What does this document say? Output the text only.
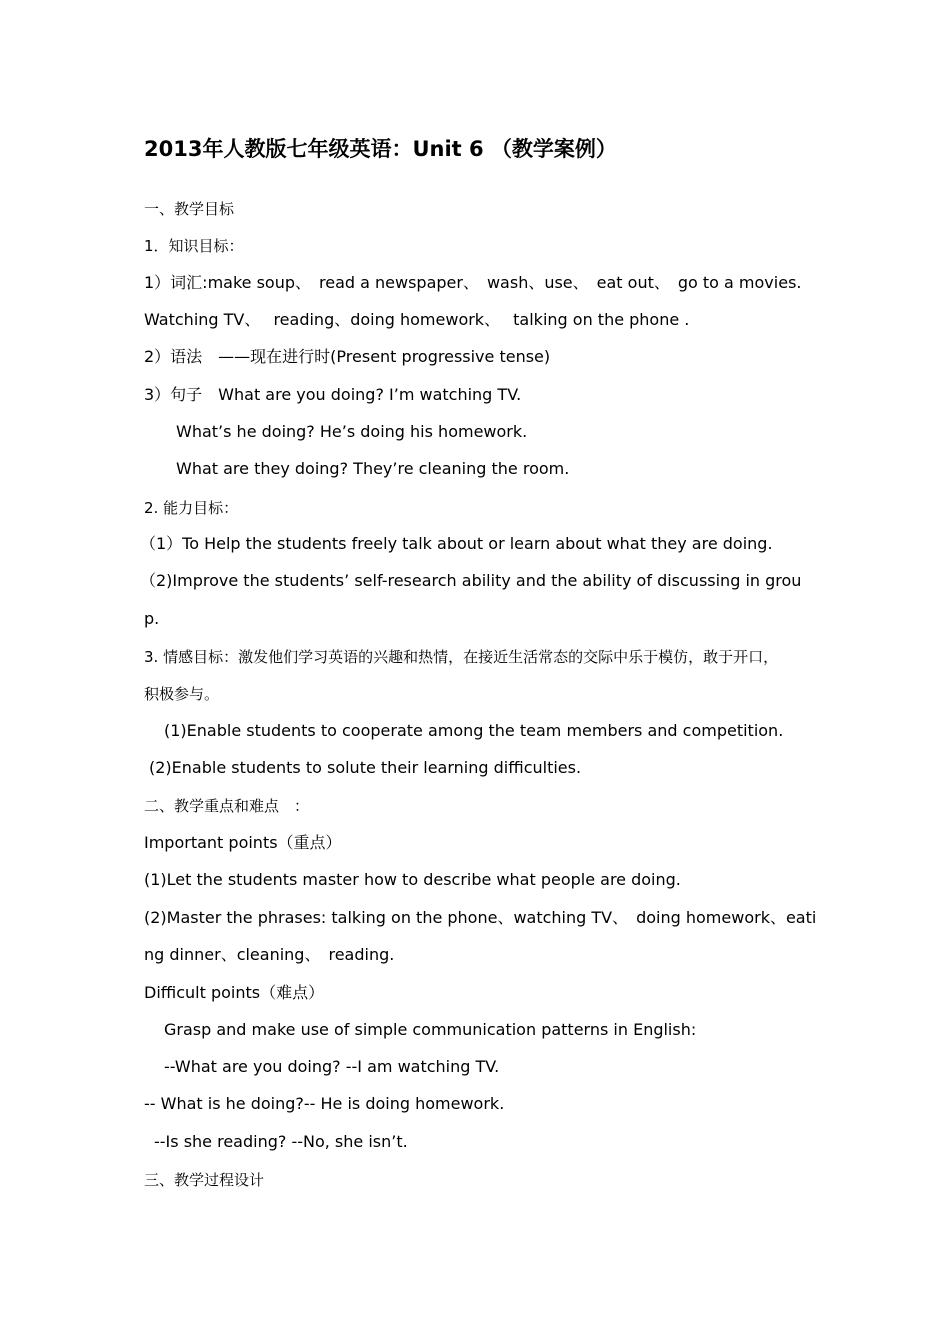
2013年人教版七年级英语：Unit 6 （教学案例）
一、教学目标
1．知识目标：
1）词汇:make soup、　read a newspaper、　wash、use、　eat out、　go to a movies.
Watching TV、　 reading、doing homework、　 talking on the phone .
2）语法　——现在进行时(Present progressive tense)
3）句子　What are you doing? I’m watching TV.
What’s he doing? He’s doing his homework.
What are they doing? They’re cleaning the room.
2. 能力目标：
（1）To Help the students freely talk about or learn about what they are doing.
（2)Improve the students’ self-research ability and the ability of discussing in grou
p.
3. 情感目标：激发他们学习英语的兴趣和热情，在接近生活常态的交际中乐于模仿，敢于开口，
积极参与。
(1)Enable students to cooperate among the team members and competition.
(2)Enable students to solute their learning difficulties.
二、教学重点和难点　：
Important points（重点）
(1)Let the students master how to describe what people are doing.
(2)Master the phrases: talking on the phone、watching TV、　doing homework、eati
ng dinner、cleaning、　reading.
Difficult points（难点）
Grasp and make use of simple communication patterns in English:
--What are you doing? --I am watching TV.
-- What is he doing?-- He is doing homework.
--Is she reading? --No, she isn’t.
三、教学过程设计
